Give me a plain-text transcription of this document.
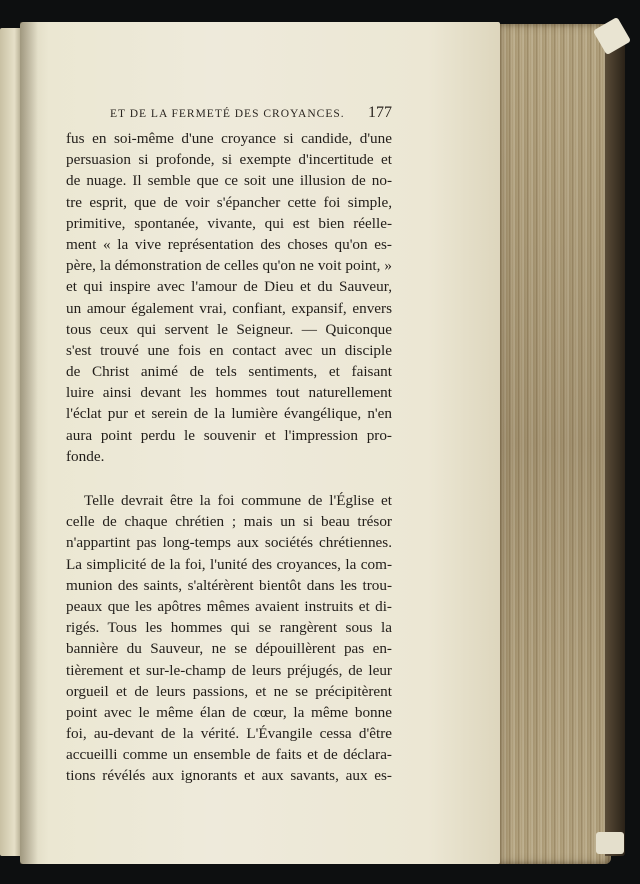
ET DE LA FERMETÉ DES CROYANCES. 177
fus en soi-même d'une croyance si candide, d'une
persuasion si profonde, si exempte d'incertitude et
de nuage. Il semble que ce soit une illusion de no-
tre esprit, que de voir s'épancher cette foi simple,
primitive, spontanée, vivante, qui est bien réelle-
ment « la vive représentation des choses qu'on es-
père, la démonstration de celles qu'on ne voit point, »
et qui inspire avec l'amour de Dieu et du Sauveur,
un amour également vrai, confiant, expansif, envers
tous ceux qui servent le Seigneur. — Quiconque
s'est trouvé une fois en contact avec un disciple
de Christ animé de tels sentiments, et faisant
luire ainsi devant les hommes tout naturellement
l'éclat pur et serein de la lumière évangélique, n'en
aura point perdu le souvenir et l'impression pro-
fonde.
Telle devrait être la foi commune de l'Église et
celle de chaque chrétien ; mais un si beau trésor
n'appartint pas long-temps aux sociétés chrétiennes.
La simplicité de la foi, l'unité des croyances, la com-
munion des saints, s'altérèrent bientôt dans les trou-
peaux que les apôtres mêmes avaient instruits et di-
rigés. Tous les hommes qui se rangèrent sous la
bannière du Sauveur, ne se dépouillèrent pas en-
tièrement et sur-le-champ de leurs préjugés, de leur
orgueil et de leurs passions, et ne se précipitèrent
point avec le même élan de cœur, la même bonne
foi, au-devant de la vérité. L'Évangile cessa d'être
accueilli comme un ensemble de faits et de déclara-
tions révélés aux ignorants et aux savants, aux es-
